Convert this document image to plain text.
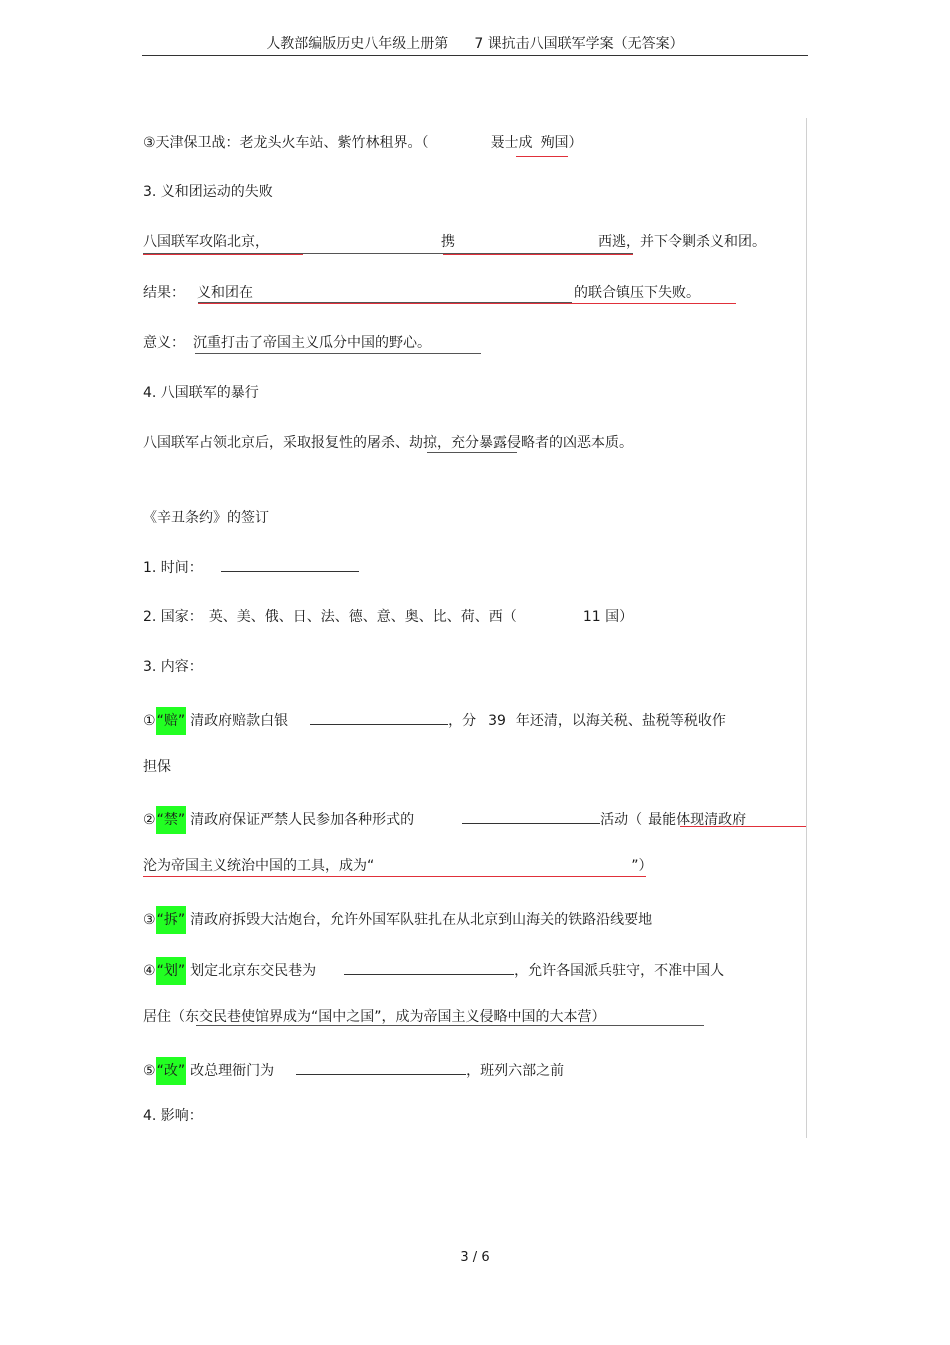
人教部编版历史八年级上册第 7 课抗击八国联军学案（无答案）
③天津保卫战：老龙头火车站、紫竹林租界。（	聂士成 殉国）
3. 义和团运动的失败
八国联军攻陷北京，	携	西逃，并下令剿杀义和团。
结果： 义和团在	的联合镇压下失败。
意义： 沉重打击了帝国主义瓜分中国的野心。
4. 八国联军的暴行
八国联军占领北京后，采取报复性的屠杀、劫掠，充分暴露侵略者的凶恶本质。
《辛丑条约》的签订
1. 时间：
2. 国家： 英、美、俄、日、法、德、意、奥、比、荷、西（	11 国）
3. 内容：
①“赔” 清政府赔款白银	，分 39 年还清，以海关税、盐税等税收作
担保
②“禁” 清政府保证严禁人民参加各种形式的	活动（ 最能体现清政府
沦为帝国主义统治中国的工具，成为“	”）
③“拆” 清政府拆毁大沽炮台，允许外国军队驻扎在从北京到山海关的铁路沿线要地
④“划” 划定北京东交民巷为	，允许各国派兵驻守，不准中国人
居住（东交民巷使馆界成为“国中之国”，成为帝国主义侵略中国的大本营）
⑤“改” 改总理衙门为	，班列六部之前
4. 影响：
3 / 6
